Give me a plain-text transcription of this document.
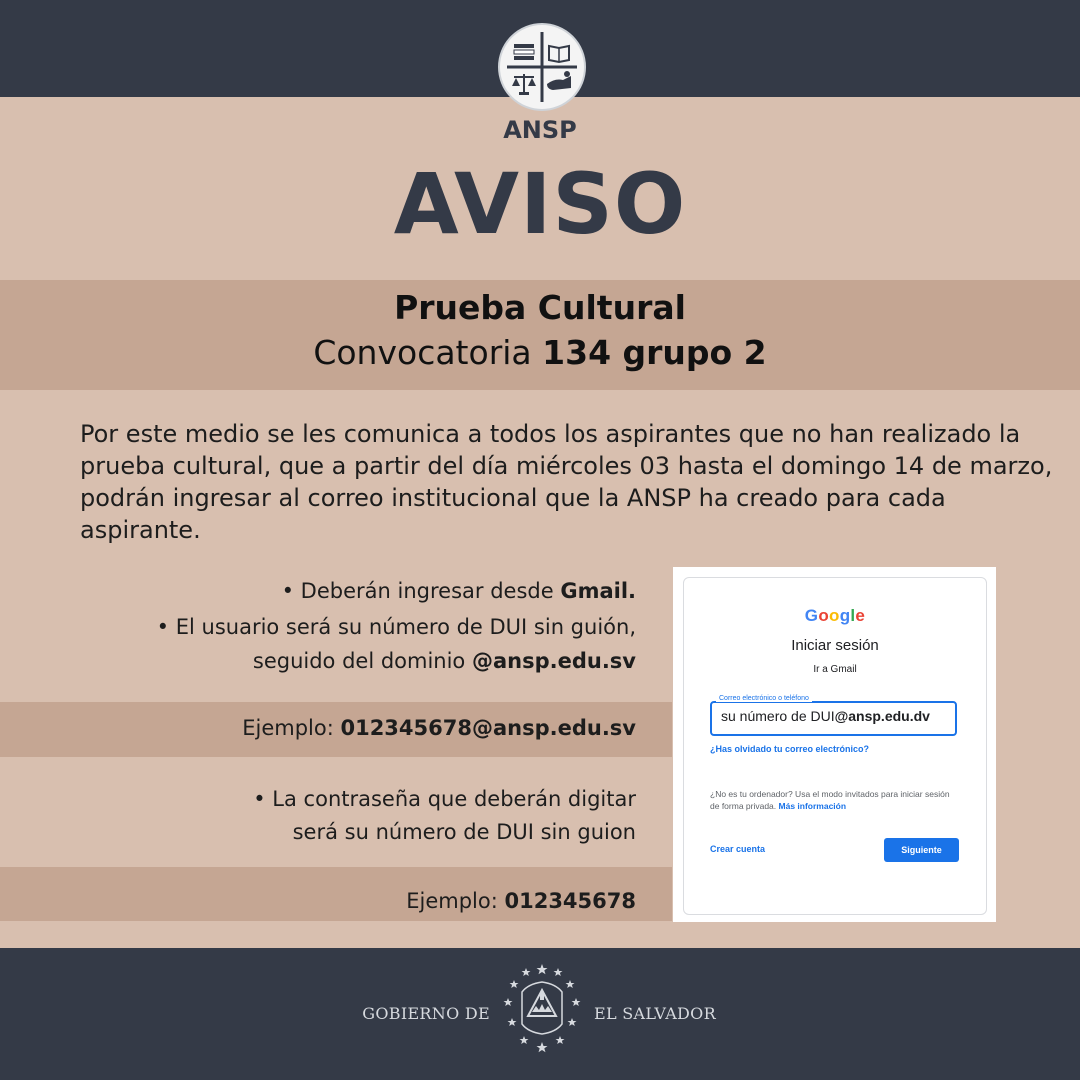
ANSP
AVISO
Prueba Cultural
Convocatoria 134 grupo 2
Por este medio se les comunica a todos los aspirantes que no han realizado la prueba cultural, que a partir del día miércoles 03 hasta el domingo 14 de marzo, podrán ingresar al correo institucional que la ANSP ha creado para cada aspirante.
• Deberán ingresar desde Gmail.
• El usuario será su número de DUI sin guión,
seguido del dominio @ansp.edu.sv
Ejemplo: 012345678@ansp.edu.sv
• La contraseña que deberán digitar
será su número de DUI sin guion
Ejemplo: 012345678
Google
Iniciar sesión
Ir a Gmail
Correo electrónico o teléfono
su número de DUI@ansp.edu.dv
¿Has olvidado tu correo electrónico?
¿No es tu ordenador? Usa el modo invitados para iniciar sesión de forma privada. Más información
Crear cuenta	Siguiente
GOBIERNO DE	EL SALVADOR
